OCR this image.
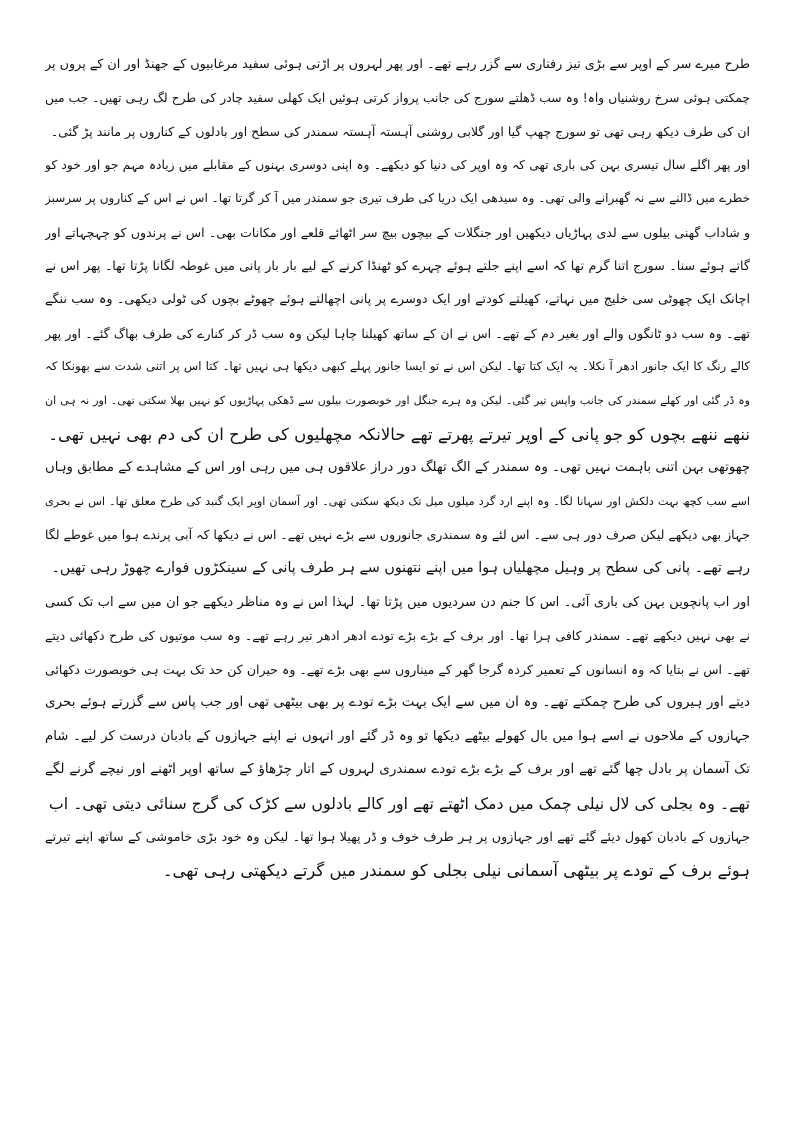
طرح میرے سر کے اوپر سے بڑی تیز رفتاری سے گزر رہے تھے۔ اور پھر لہروں پر اڑتی ہوئی سفید مرغابیوں کے جھنڈ اور ان کے پروں پر
چمکتی ہوئی سرخ روشنیاں واہ! وہ سب ڈھلتے سورج کی جانب پرواز کرتی ہوئیں ایک کھلی سفید چادر کی طرح لگ رہی تھیں۔ جب میں
ان کی طرف دیکھ رہی تھی تو سورج چھپ گیا اور گلابی روشنی آہستہ آہستہ سمندر کی سطح اور بادلوں کے کناروں پر مانند پڑ گئی۔
اور پھر اگلے سال تیسری بہن کی باری تھی کہ وہ اوپر کی دنیا کو دیکھے۔ وہ اپنی دوسری بہنوں کے مقابلے میں زیادہ مہم جو اور خود کو
خطرے میں ڈالنے سے نہ گھبرانے والی تھی۔ وہ سیدھی ایک دریا کی طرف تیری جو سمندر میں آ کر گرتا تھا۔ اس نے اس کے کناروں پر سرسبز
و شاداب گھنی بیلوں سے لدی پہاڑیاں دیکھیں اور جنگلات کے بیچوں بیچ سر اٹھائے قلعے اور مکانات بھی۔ اس نے پرندوں کو چہچہاتے اور
گاتے ہوئے سنا۔ سورج اتنا گرم تھا کہ اسے اپنے جلتے ہوئے چہرے کو ٹھنڈا کرنے کے لیے بار بار پانی میں غوطہ لگانا پڑتا تھا۔ پھر اس نے
اچانک ایک چھوٹی سی خلیج میں نہاتے، کھیلتے کودتے اور ایک دوسرے پر پانی اچھالتے ہوئے چھوٹے بچوں کی ٹولی دیکھی۔ وہ سب ننگے
تھے۔ وہ سب دو ٹانگوں والے اور بغیر دم کے تھے۔ اس نے ان کے ساتھ کھیلنا چاہا لیکن وہ سب ڈر کر کنارے کی طرف بھاگ گئے۔ اور پھر
کالے رنگ کا ایک جانور ادھر آ نکلا۔ یہ ایک کتا تھا۔ لیکن اس نے تو ایسا جانور پہلے کبھی دیکھا ہی نہیں تھا۔ کتا اس پر اتنی شدت سے بھونکا کہ
وہ ڈر گئی اور کھلے سمندر کی جانب واپس تیر گئی۔ لیکن وہ ہرے جنگل اور خوبصورت بیلوں سے ڈھکی پہاڑیوں کو نہیں بھلا سکتی تھی۔ اور نہ ہی ان
ننھے ننھے بچوں کو جو پانی کے اوپر تیرتے پھرتے تھے حالانکہ مچھلیوں کی طرح ان کی دم بھی نہیں تھی۔
چھوتھی بہن اتنی باہمت نہیں تھی۔ وہ سمندر کے الگ تھلگ دور دراز علاقوں ہی میں رہی اور اس کے مشاہدے کے مطابق وہاں
اسے سب کچھ بہت دلکش اور سہانا لگا۔ وہ اپنے ارد گرد میلوں میل تک دیکھ سکتی تھی۔ اور آسمان اوپر ایک گنبد کی طرح معلق تھا۔ اس نے بحری
جہاز بھی دیکھے لیکن صرف دور ہی سے۔ اس لئے وہ سمندری جانوروں سے بڑے نہیں تھے۔ اس نے دیکھا کہ آبی پرندے ہوا میں غوطے لگا
رہے تھے۔ پانی کی سطح پر وہیل مچھلیاں ہوا میں اپنے نتھنوں سے ہر طرف پانی کے سینکڑوں فوارے چھوڑ رہی تھیں۔
اور اب پانچویں بہن کی باری آئی۔ اس کا جنم دن سردیوں میں پڑتا تھا۔ لہذا اس نے وہ مناظر دیکھے جو ان میں سے اب تک کسی
نے بھی نہیں دیکھے تھے۔ سمندر کافی ہرا تھا۔ اور برف کے بڑے بڑے تودے ادھر ادھر تیر رہے تھے۔ وہ سب موتیوں کی طرح دکھائی دیتے
تھے۔ اس نے بتایا کہ وہ انسانوں کے تعمیر کردہ گرجا گھر کے میناروں سے بھی بڑے تھے۔ وہ حیران کن حد تک بہت ہی خوبصورت دکھائی
دیتے اور ہیروں کی طرح چمکتے تھے۔ وہ ان میں سے ایک بہت بڑے تودے پر بھی بیٹھی تھی اور جب پاس سے گزرتے ہوئے بحری
جہازوں کے ملاحوں نے اسے ہوا میں بال کھولے بیٹھے دیکھا تو وہ ڈر گئے اور انہوں نے اپنے جہازوں کے بادبان درست کر لیے۔ شام
تک آسمان پر بادل چھا گئے تھے اور برف کے بڑے بڑے تودے سمندری لہروں کے اتار چڑھاؤ کے ساتھ اوپر اٹھنے اور نیچے گرنے لگے
تھے۔ وہ بجلی کی لال نیلی چمک میں دمک اٹھتے تھے اور کالے بادلوں سے کڑک کی گرج سنائی دیتی تھی۔ اب
جہازوں کے بادبان کھول دیئے گئے تھے اور جہازوں پر ہر طرف خوف و ڈر پھیلا ہوا تھا۔ لیکن وہ خود بڑی خاموشی کے ساتھ اپنے تیرتے
ہوئے برف کے تودے پر بیٹھی آسمانی نیلی بجلی کو سمندر میں گرتے دیکھتی رہی تھی۔
